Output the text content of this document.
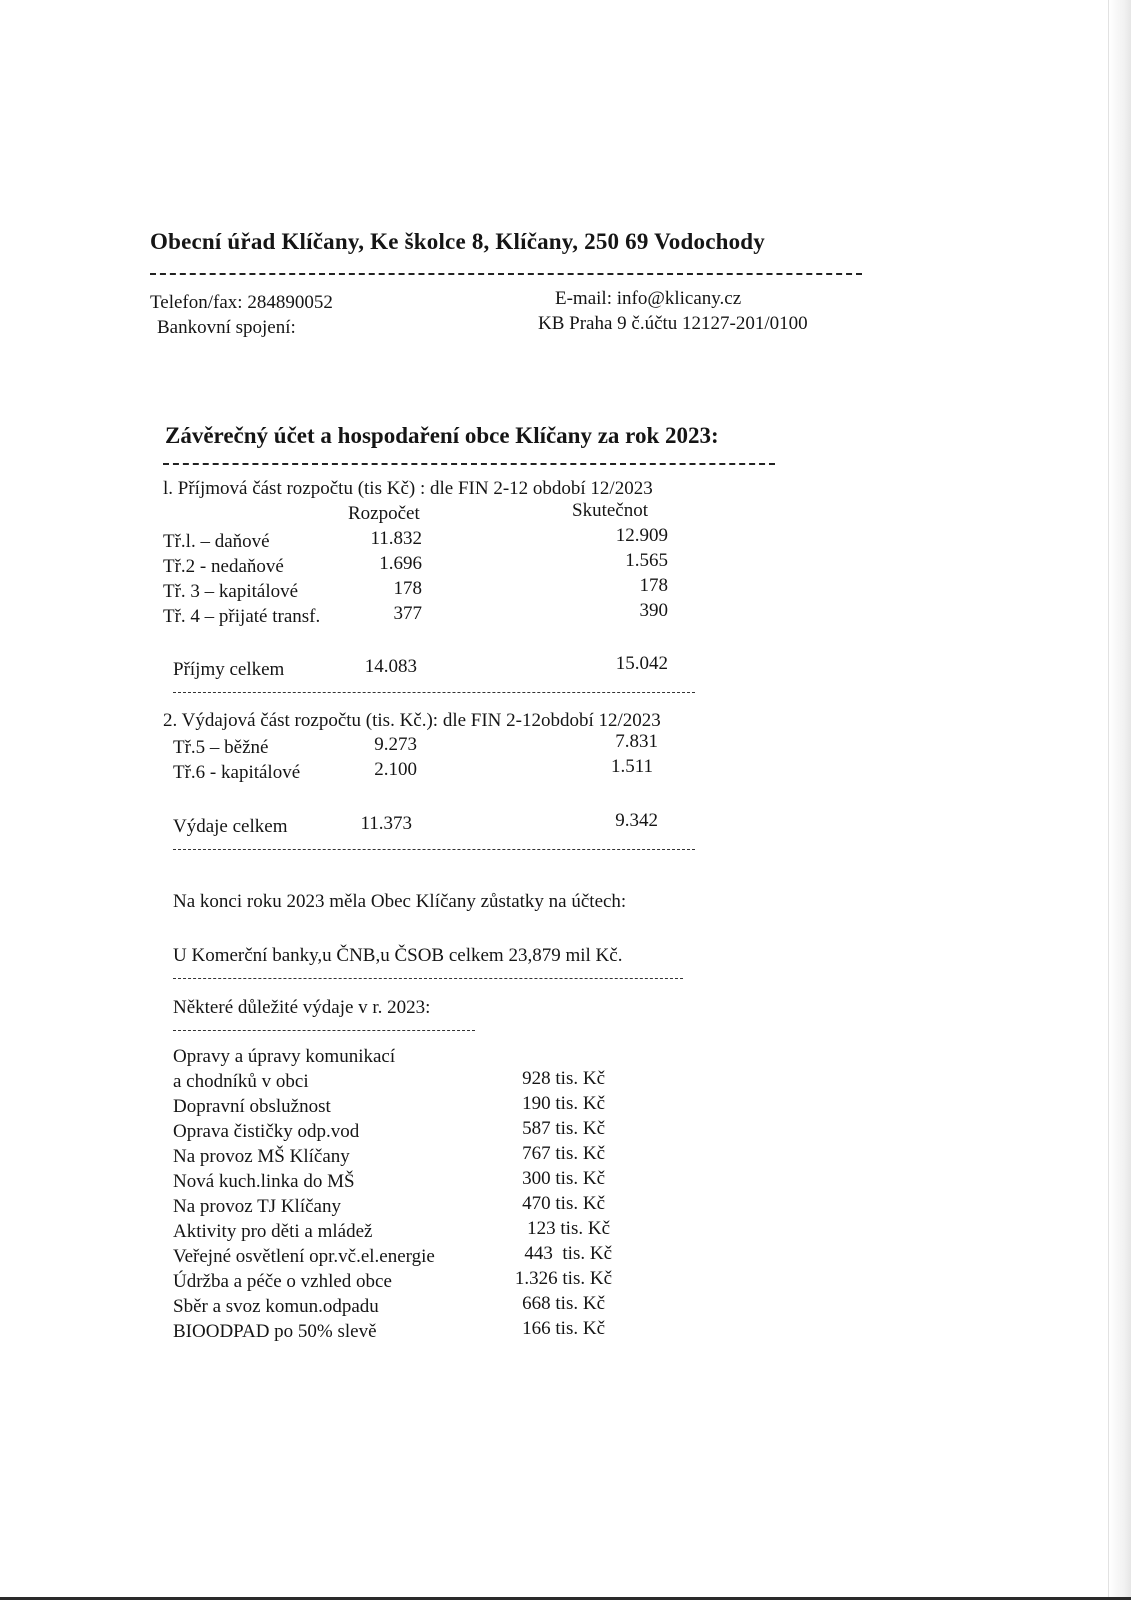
Obecní úřad Klíčany, Ke školce 8, Klíčany, 250 69 Vodochody
Telefon/fax: 284890052	E-mail: info@klicany.cz
Bankovní spojení:	KB Praha 9 č.účtu 12127-201/0100
Závěrečný účet a hospodaření obce Klíčany za rok 2023:
l. Příjmová část rozpočtu (tis Kč) : dle FIN 2-12 období 12/2023
Rozpočet	Skutečnot
Tř.l. – daňové	11.832	12.909
Tř.2 - nedaňové	1.696	1.565
Tř. 3 – kapitálové	178	178
Tř. 4 – přijaté transf.	377	390
Příjmy celkem	14.083	15.042
2. Výdajová část rozpočtu (tis. Kč.): dle FIN 2-12období 12/2023
Tř.5 – běžné	9.273	7.831
Tř.6 - kapitálové	2.100	1.511
Výdaje celkem	11.373	9.342
Na konci roku 2023 měla Obec Klíčany zůstatky na účtech:
U Komerční banky,u ČNB,u ČSOB celkem 23,879 mil Kč.
Některé důležité výdaje v r. 2023:
Opravy a úpravy komunikací
a chodníků v obci	928 tis. Kč
Dopravní obslužnost	190 tis. Kč
Oprava čističky odp.vod	587 tis. Kč
Na provoz MŠ Klíčany	767 tis. Kč
Nová kuch.linka do MŠ	300 tis. Kč
Na provoz TJ Klíčany	470 tis. Kč
Aktivity pro děti a mládež	123 tis. Kč
Veřejné osvětlení opr.vč.el.energie	443  tis. Kč
Údržba a péče o vzhled obce	1.326 tis. Kč
Sběr a svoz komun.odpadu	668 tis. Kč
BIOODPAD po 50% slevě	166 tis. Kč
